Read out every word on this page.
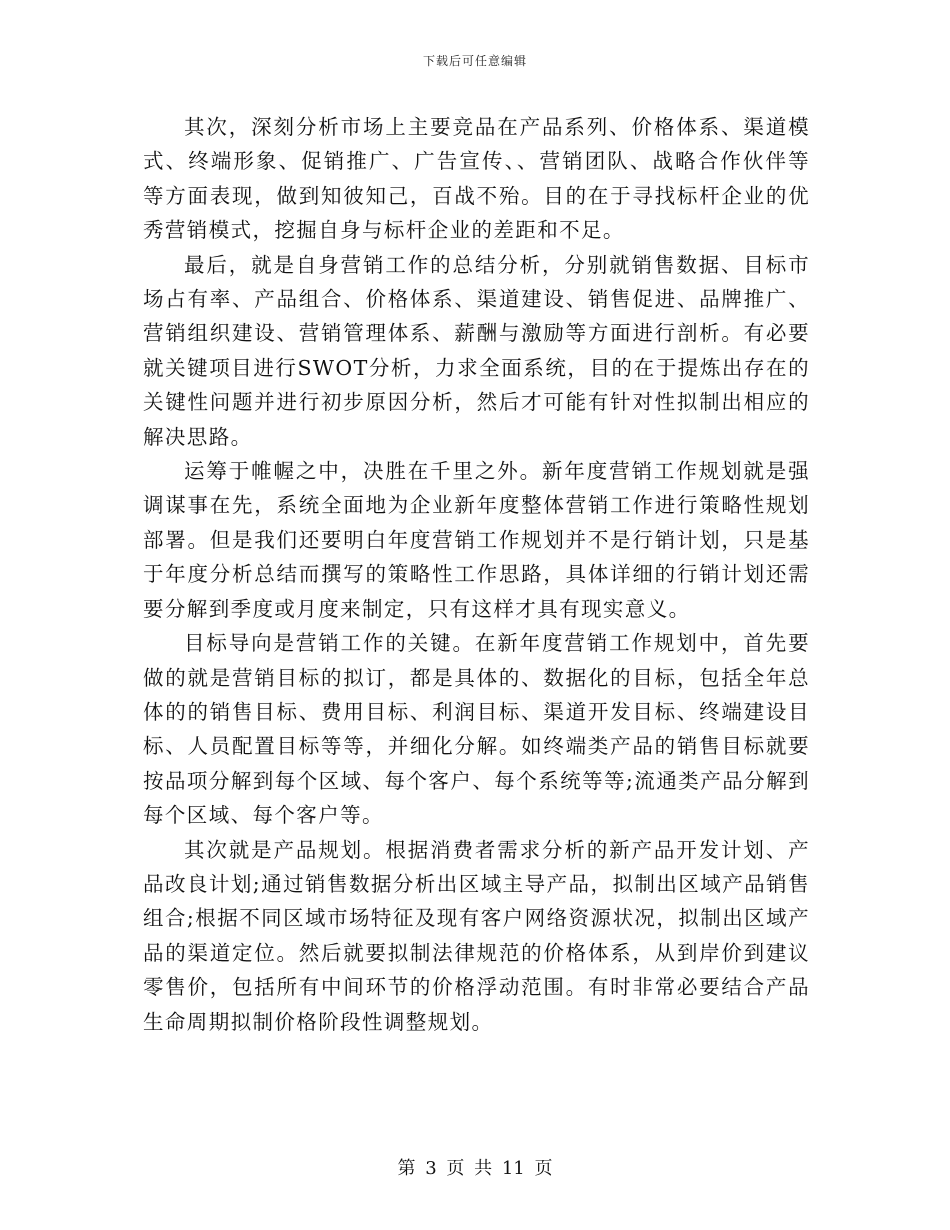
下载后可任意编辑

其次，深刻分析市场上主要竞品在产品系列、价格体系、渠道模式、终端形象、促销推广、广告宣传、、营销团队、战略合作伙伴等等方面表现，做到知彼知己，百战不殆。目的在于寻找标杆企业的优秀营销模式，挖掘自身与标杆企业的差距和不足。

最后，就是自身营销工作的总结分析，分别就销售数据、目标市场占有率、产品组合、价格体系、渠道建设、销售促进、品牌推广、营销组织建设、营销管理体系、薪酬与激励等方面进行剖析。有必要就关键项目进行SWOT分析，力求全面系统，目的在于提炼出存在的关键性问题并进行初步原因分析，然后才可能有针对性拟制出相应的解决思路。

运筹于帷幄之中，决胜在千里之外。新年度营销工作规划就是强调谋事在先，系统全面地为企业新年度整体营销工作进行策略性规划部署。但是我们还要明白年度营销工作规划并不是行销计划，只是基于年度分析总结而撰写的策略性工作思路，具体详细的行销计划还需要分解到季度或月度来制定，只有这样才具有现实意义。

目标导向是营销工作的关键。在新年度营销工作规划中，首先要做的就是营销目标的拟订，都是具体的、数据化的目标，包括全年总体的的销售目标、费用目标、利润目标、渠道开发目标、终端建设目标、人员配置目标等等，并细化分解。如终端类产品的销售目标就要按品项分解到每个区域、每个客户、每个系统等等;流通类产品分解到每个区域、每个客户等。

其次就是产品规划。根据消费者需求分析的新产品开发计划、产品改良计划;通过销售数据分析出区域主导产品，拟制出区域产品销售组合;根据不同区域市场特征及现有客户网络资源状况，拟制出区域产品的渠道定位。然后就要拟制法律规范的价格体系，从到岸价到建议零售价，包括所有中间环节的价格浮动范围。有时非常必要结合产品生命周期拟制价格阶段性调整规划。

第 3 页 共 11 页
